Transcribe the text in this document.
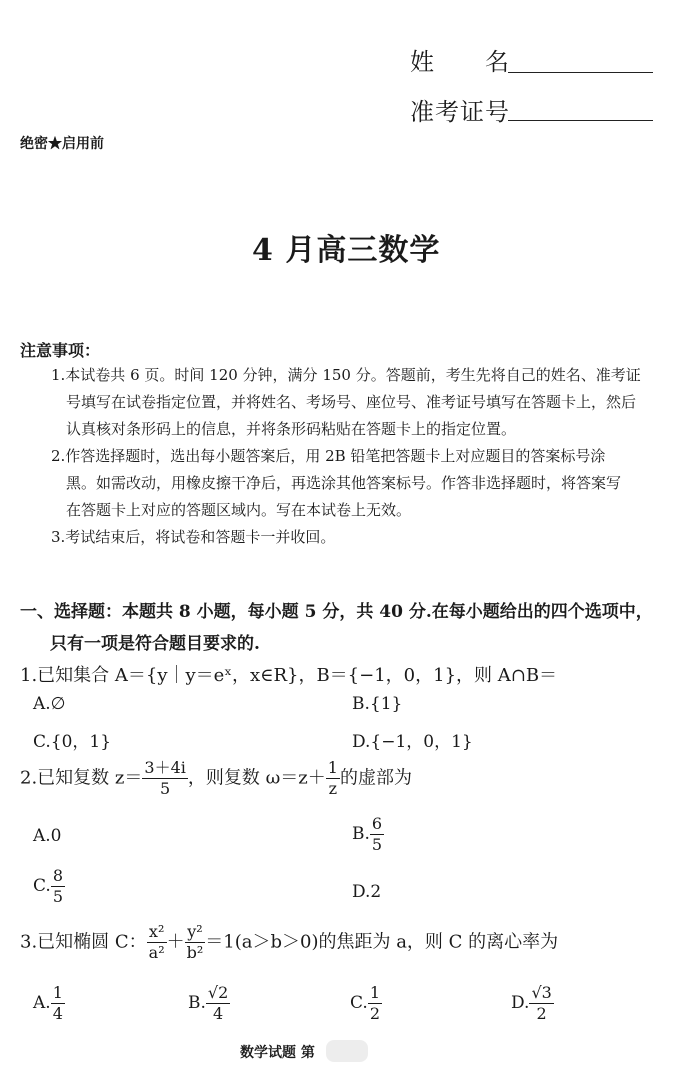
姓　　名
准考证号
绝密★启用前
4 月高三数学
注意事项：
1.本试卷共 6 页。时间 120 分钟，满分 150 分。答题前，考生先将自己的姓名、准考证
号填写在试卷指定位置，并将姓名、考场号、座位号、准考证号填写在答题卡上，然后
认真核对条形码上的信息，并将条形码粘贴在答题卡上的指定位置。
2.作答选择题时，选出每小题答案后，用 2B 铅笔把答题卡上对应题目的答案标号涂
黑。如需改动，用橡皮擦干净后，再选涂其他答案标号。作答非选择题时，将答案写
在答题卡上对应的答题区域内。写在本试卷上无效。
3.考试结束后，将试卷和答题卡一并收回。
一、选择题：本题共 8 小题，每小题 5 分，共 40 分.在每小题给出的四个选项中，
只有一项是符合题目要求的.
1.已知集合 A＝{y｜y＝eˣ，x∈R}，B＝{−1，0，1}，则 A∩B＝
A.∅	B.{1}
C.{0，1}	D.{−1，0，1}
2.已知复数 $z= \frac{3+4i}{5}$ ，则复数 $\omega=z+ \frac{1}{z}$ 的虚部为
A.0	B. $\frac{6}{5}$
C. $\frac{8}{5}$	D.2
3.已知椭圆 C： $\frac{\text{x²}}{\text{a²}} + \frac{\text{y²}}{\text{b²}} =1(a>b>0)$的焦距为 a，则 C 的离心率为
A. $\frac{1}{4}$	B. $\frac{√2}{4}$	C. $\frac{1}{2}$	D. $\frac{√3}{2}$
数学试题 第
